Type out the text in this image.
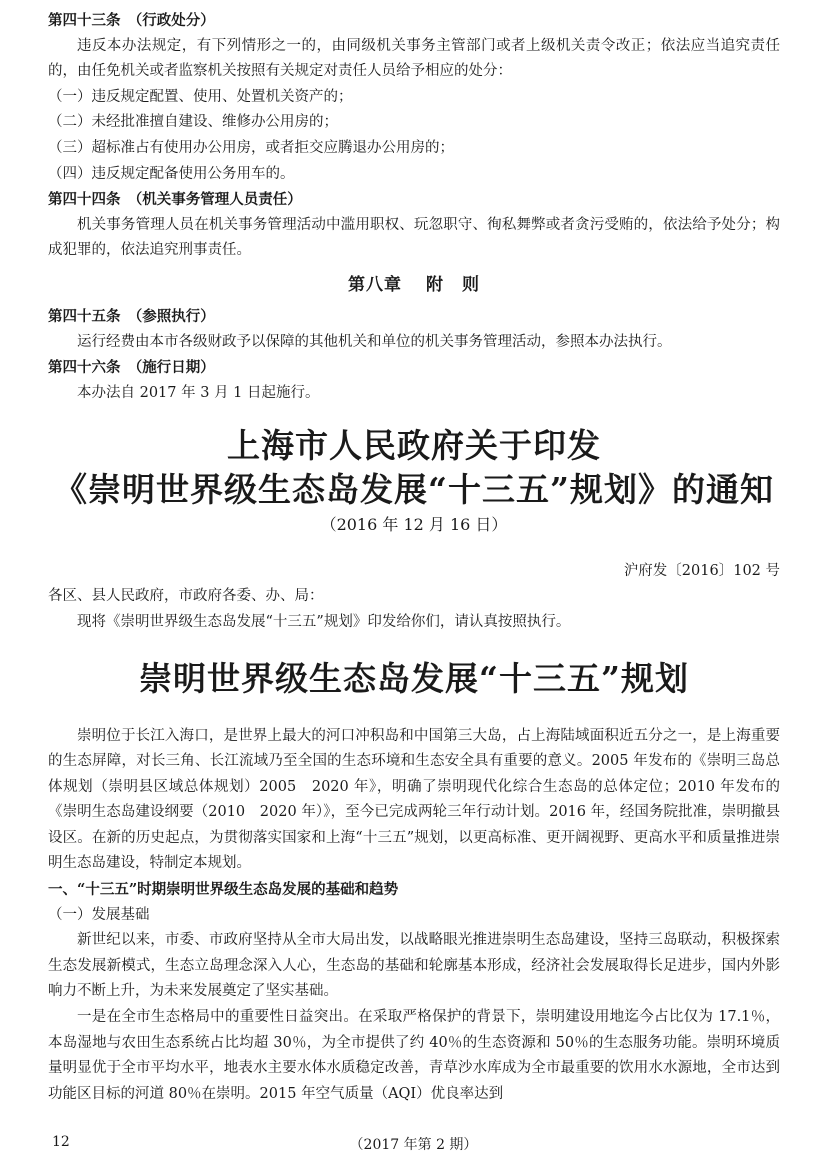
第四十三条　（行政处分）

违反本办法规定，有下列情形之一的，由同级机关事务主管部门或者上级机关责令改正；依法应当追究责任的，由任免机关或者监察机关按照有关规定对责任人员给予相应的处分：

（一）违反规定配置、使用、处置机关资产的；

（二）未经批准擅自建设、维修办公用房的；

（三）超标准占有使用办公用房，或者拒交应腾退办公用房的；

（四）违反规定配备使用公务用车的。

第四十四条　（机关事务管理人员责任）

机关事务管理人员在机关事务管理活动中滥用职权、玩忽职守、徇私舞弊或者贪污受贿的，依法给予处分；构成犯罪的，依法追究刑事责任。

第八章 附　则

第四十五条　（参照执行）

运行经费由本市各级财政予以保障的其他机关和单位的机关事务管理活动，参照本办法执行。

第四十六条　（施行日期）

本办法自 2017 年 3 月 1 日起施行。

上海市人民政府关于印发

《崇明世界级生态岛发展“十三五”规划》的通知

（2016 年 12 月 16 日）

沪府发〔2016〕102 号

各区、县人民政府，市政府各委、办、局：

现将《崇明世界级生态岛发展“十三五”规划》印发给你们，请认真按照执行。

崇明世界级生态岛发展“十三五”规划

崇明位于长江入海口，是世界上最大的河口冲积岛和中国第三大岛，占上海陆域面积近五分之一，是上海重要的生态屏障，对长三角、长江流域乃至全国的生态环境和生态安全具有重要的意义。2005 年发布的《崇明三岛总体规划（崇明县区域总体规划）2005　2020 年》，明确了崇明现代化综合生态岛的总体定位；2010 年发布的《崇明生态岛建设纲要（2010　2020 年）》，至今已完成两轮三年行动计划。2016 年，经国务院批准，崇明撤县设区。在新的历史起点，为贯彻落实国家和上海“十三五”规划，以更高标准、更开阔视野、更高水平和质量推进崇明生态岛建设，特制定本规划。

一、“十三五”时期崇明世界级生态岛发展的基础和趋势

（一）发展基础

新世纪以来，市委、市政府坚持从全市大局出发，以战略眼光推进崇明生态岛建设，坚持三岛联动，积极探索生态发展新模式，生态立岛理念深入人心，生态岛的基础和轮廓基本形成，经济社会发展取得长足进步，国内外影响力不断上升，为未来发展奠定了坚实基础。

一是在全市生态格局中的重要性日益突出。在采取严格保护的背景下，崇明建设用地迄今占比仅为 17.1％，本岛湿地与农田生态系统占比均超 30％，为全市提供了约 40％的生态资源和 50％的生态服务功能。崇明环境质量明显优于全市平均水平，地表水主要水体水质稳定改善，青草沙水库成为全市最重要的饮用水水源地，全市达到功能区目标的河道 80％在崇明。2015 年空气质量（AQI）优良率达到

12	（2017 年第 2 期）
